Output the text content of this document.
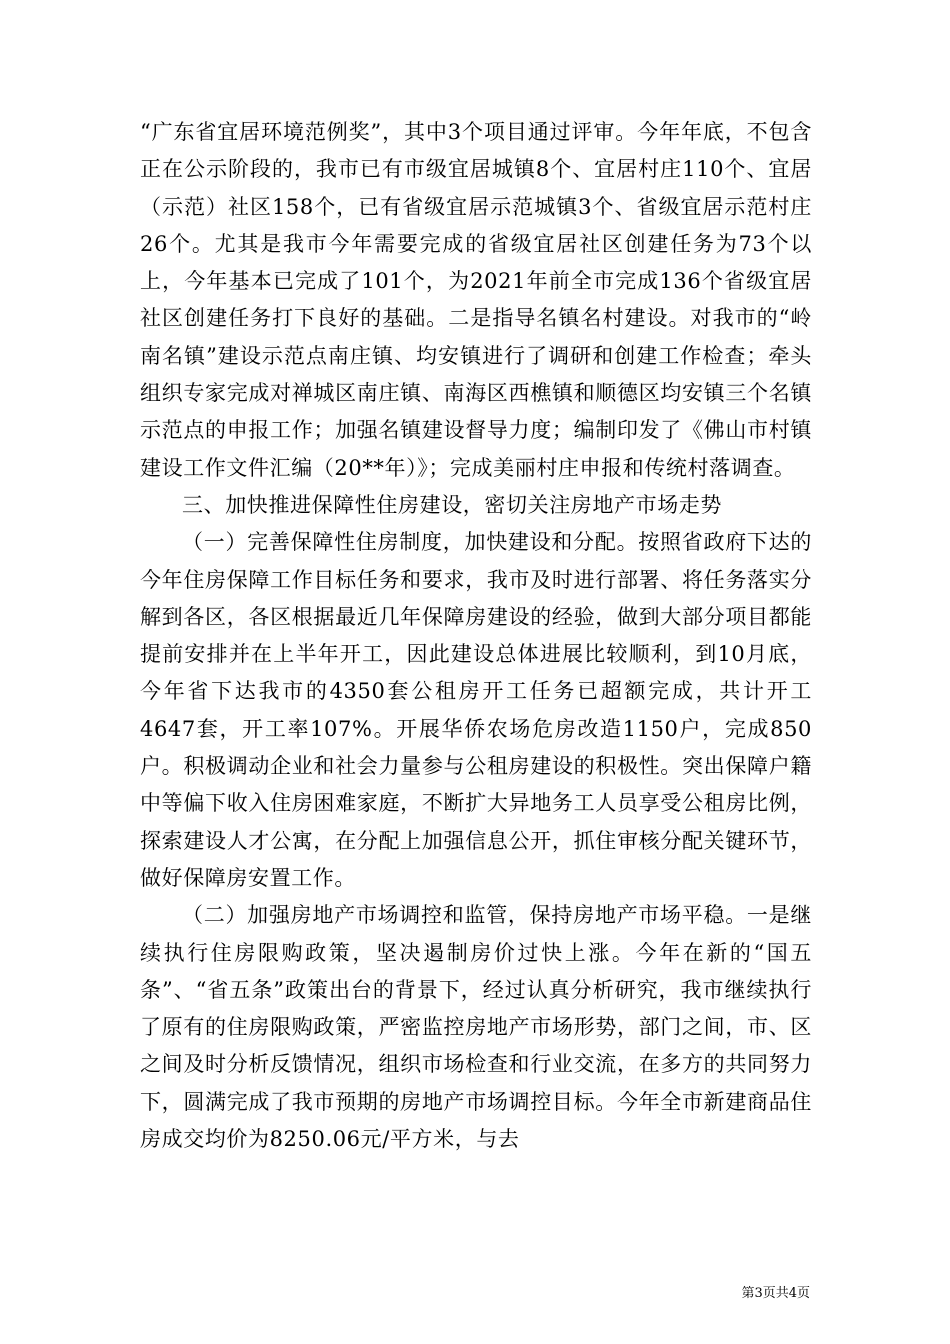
“广东省宜居环境范例奖”，其中3个项目通过评审。今年年底，不包含正在公示阶段的，我市已有市级宜居城镇8个、宜居村庄110个、宜居（示范）社区158个，已有省级宜居示范城镇3个、省级宜居示范村庄26个。尤其是我市今年需要完成的省级宜居社区创建任务为73个以上，今年基本已完成了101个，为2021年前全市完成136个省级宜居社区创建任务打下良好的基础。二是指导名镇名村建设。对我市的“岭南名镇”建设示范点南庄镇、均安镇进行了调研和创建工作检查；牵头组织专家完成对禅城区南庄镇、南海区西樵镇和顺德区均安镇三个名镇示范点的申报工作；加强名镇建设督导力度；编制印发了《佛山市村镇建设工作文件汇编（20**年）》；完成美丽村庄申报和传统村落调查。

三、加快推进保障性住房建设，密切关注房地产市场走势

（一）完善保障性住房制度，加快建设和分配。按照省政府下达的今年住房保障工作目标任务和要求，我市及时进行部署、将任务落实分解到各区，各区根据最近几年保障房建设的经验，做到大部分项目都能提前安排并在上半年开工，因此建设总体进展比较顺利，到10月底，今年省下达我市的4350套公租房开工任务已超额完成，共计开工4647套，开工率107%。开展华侨农场危房改造1150户，完成850户。积极调动企业和社会力量参与公租房建设的积极性。突出保障户籍中等偏下收入住房困难家庭，不断扩大异地务工人员享受公租房比例，探索建设人才公寓，在分配上加强信息公开，抓住审核分配关键环节，做好保障房安置工作。

（二）加强房地产市场调控和监管，保持房地产市场平稳。一是继续执行住房限购政策，坚决遏制房价过快上涨。今年在新的“国五条”、“省五条”政策出台的背景下，经过认真分析研究，我市继续执行了原有的住房限购政策，严密监控房地产市场形势，部门之间，市、区之间及时分析反馈情况，组织市场检查和行业交流，在多方的共同努力下，圆满完成了我市预期的房地产市场调控目标。今年全市新建商品住房成交均价为8250.06元/平方米，与去

第3页共4页
